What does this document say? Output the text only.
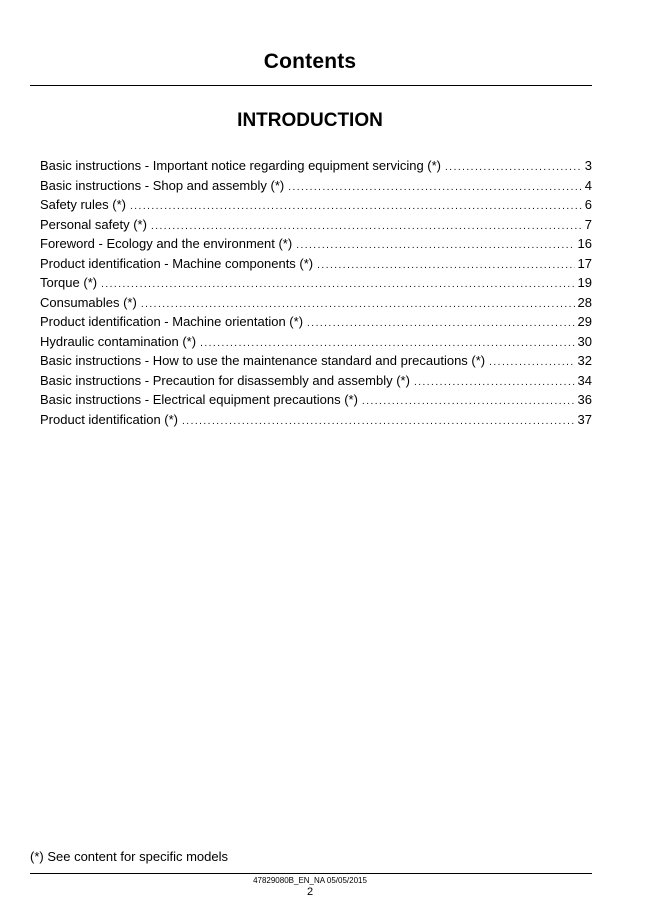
Contents
INTRODUCTION
Basic instructions - Important notice regarding equipment servicing (*) .....	3
Basic instructions - Shop and assembly (*) .....	4
Safety rules (*) .....	6
Personal safety (*) .....	7
Foreword - Ecology and the environment (*) .....	16
Product identification - Machine components (*) .....	17
Torque (*) .....	19
Consumables (*) .....	28
Product identification - Machine orientation (*) .....	29
Hydraulic contamination (*) .....	30
Basic instructions - How to use the maintenance standard and precautions (*) .....	32
Basic instructions - Precaution for disassembly and assembly (*) .....	34
Basic instructions - Electrical equipment precautions (*) .....	36
Product identification (*) .....	37
(*) See content for specific models
47829080B_EN_NA 05/05/2015
2
